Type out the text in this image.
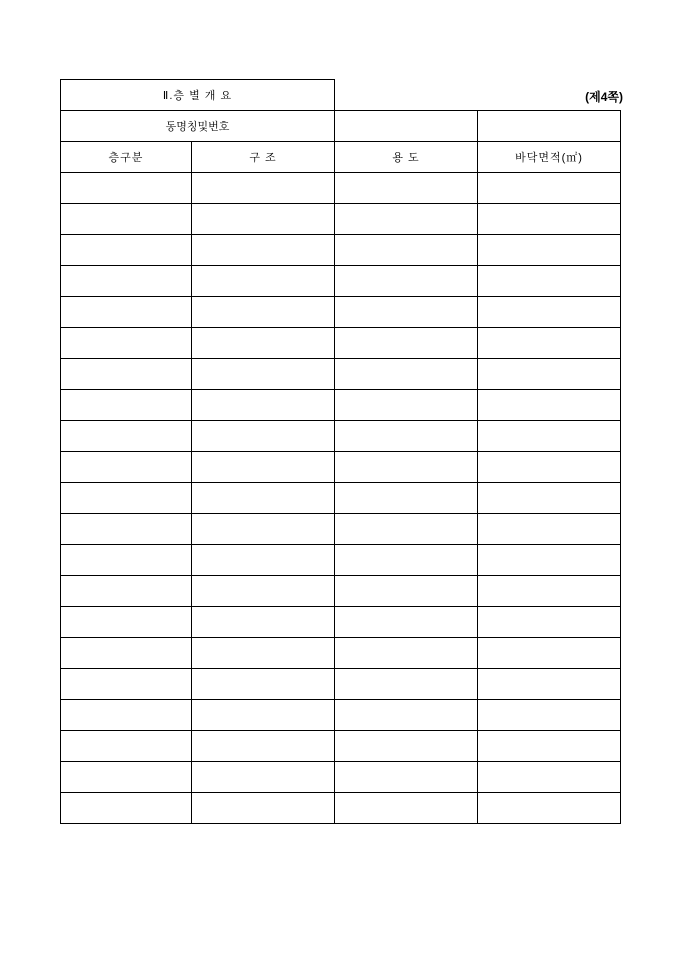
(제4쪽)
Ⅱ.층 별 개 요			
동명칭및번호			
층구분	구 조	용 도	바닥면적(㎡)
